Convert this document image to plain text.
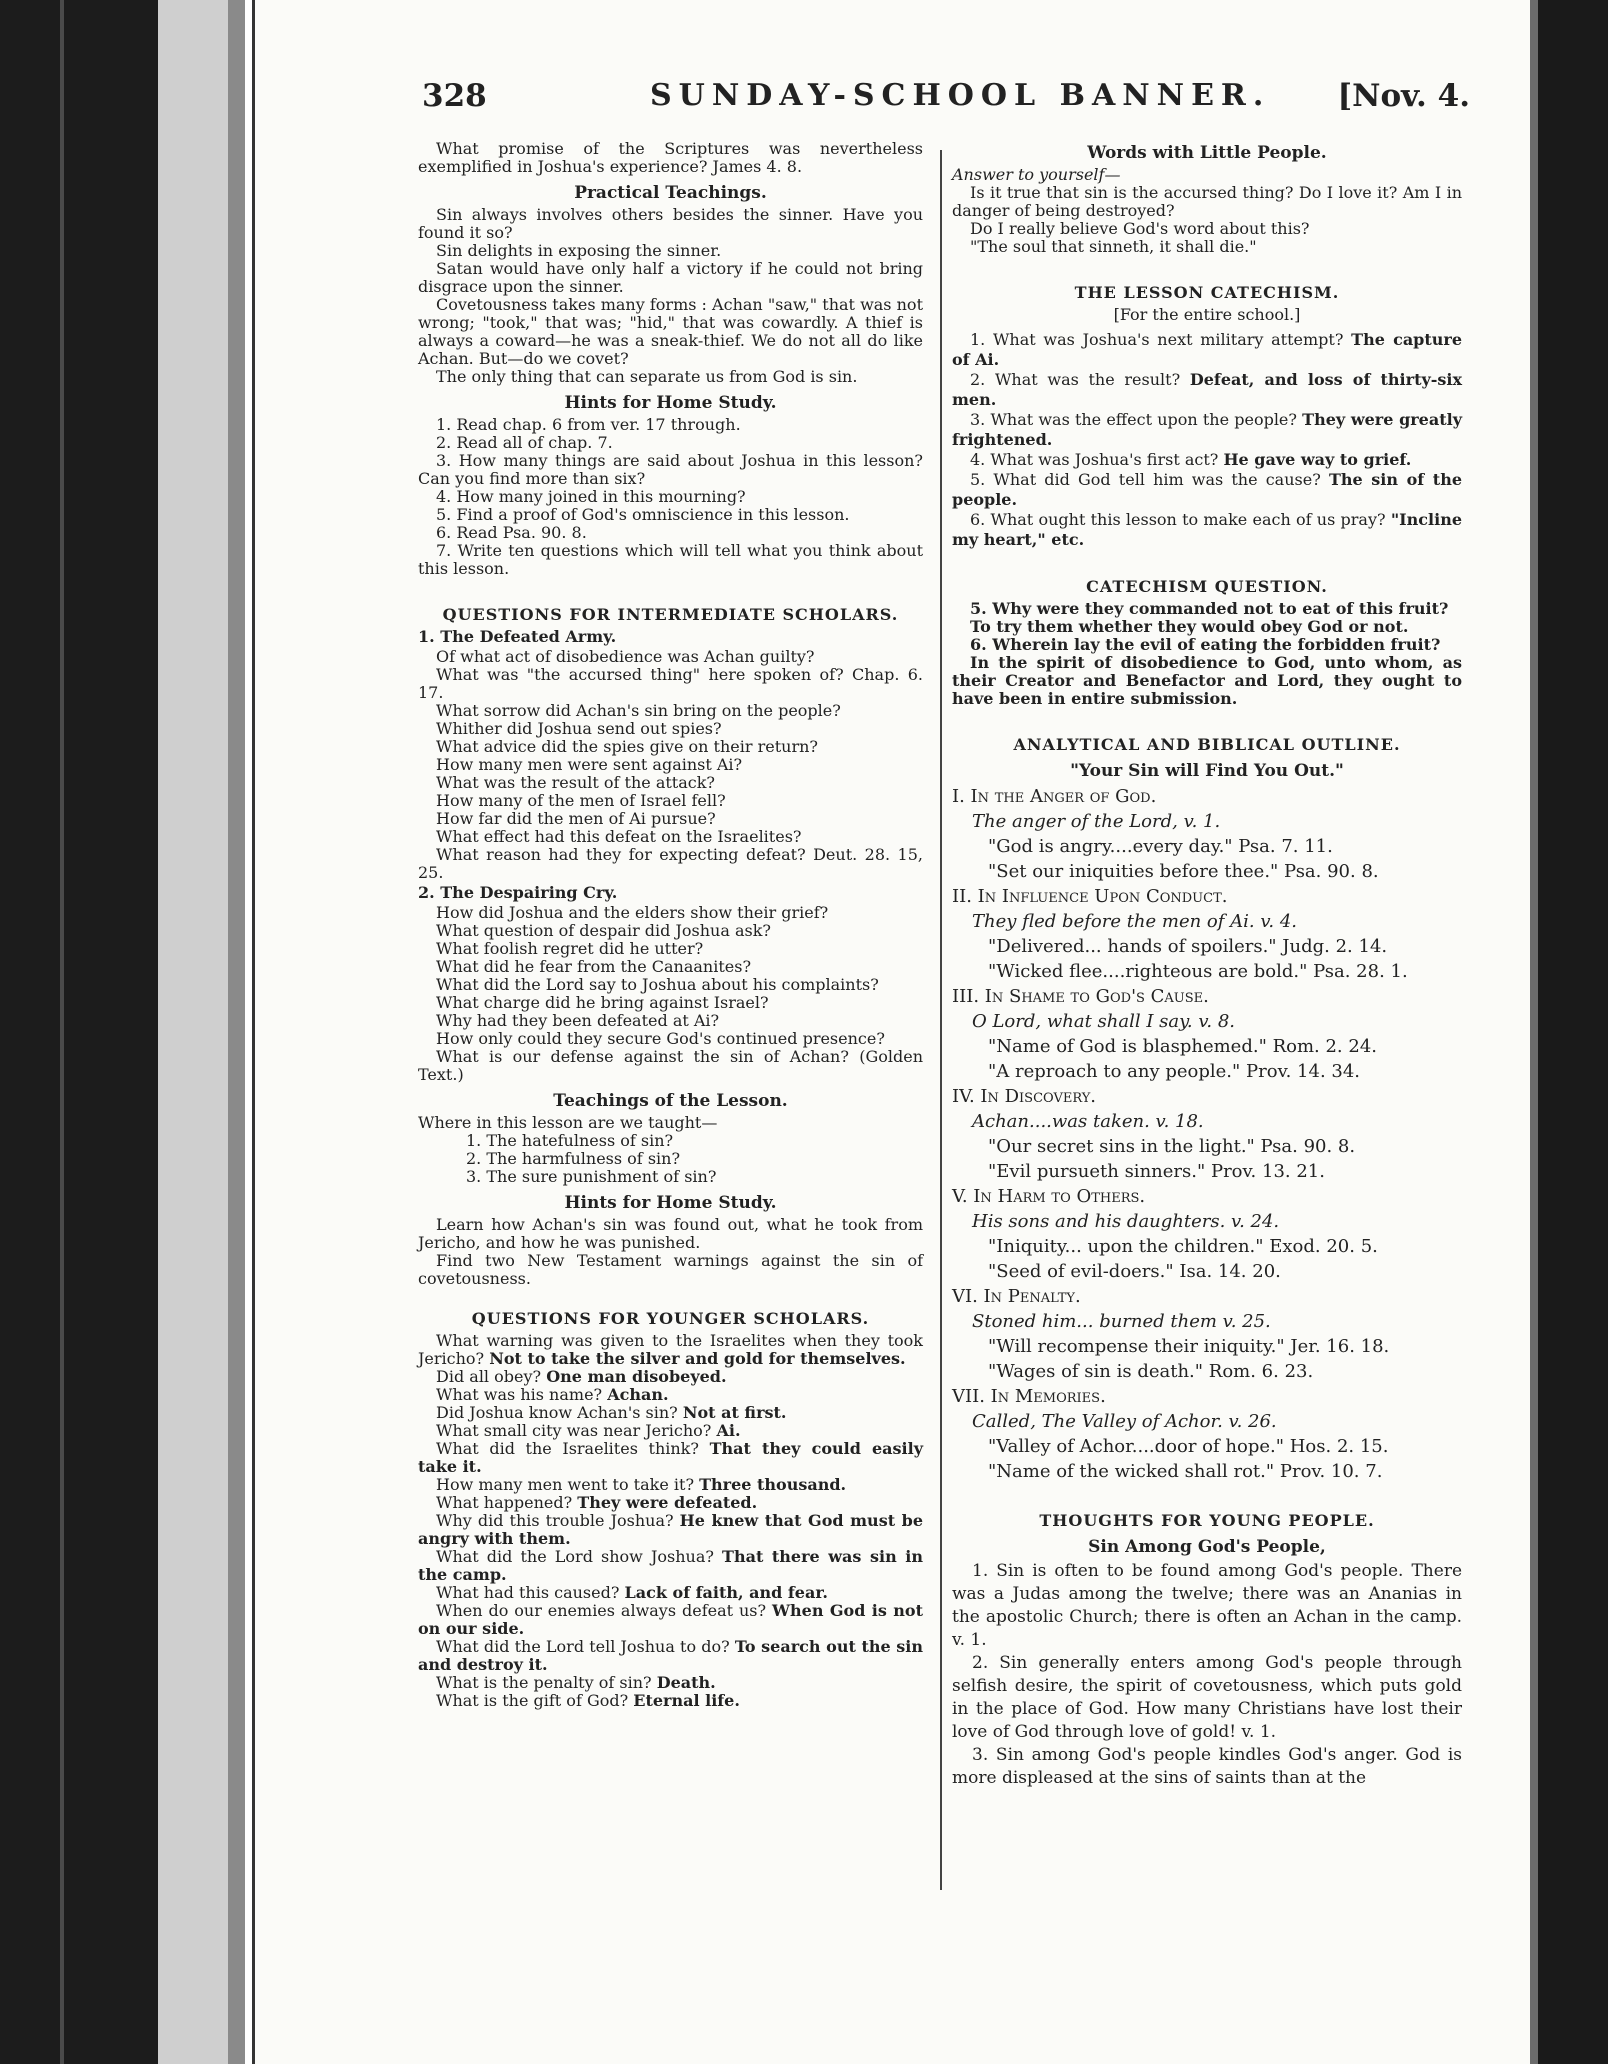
328	SUNDAY-SCHOOL BANNER. [Nov. 4.

What promise of the Scriptures was nevertheless exemplified in Joshua's experience? James 4. 8.

Practical Teachings.

Sin always involves others besides the sinner. Have you found it so?

Sin delights in exposing the sinner.

Satan would have only half a victory if he could not bring disgrace upon the sinner.

Covetousness takes many forms : Achan "saw," that was not wrong; "took," that was; "hid," that was cowardly. A thief is always a coward—he was a sneak-thief. We do not all do like Achan. But—do we covet?

The only thing that can separate us from God is sin.

Hints for Home Study.

1. Read chap. 6 from ver. 17 through.

2. Read all of chap. 7.

3. How many things are said about Joshua in this lesson? Can you find more than six?

4. How many joined in this mourning?

5. Find a proof of God's omniscience in this lesson.

6. Read Psa. 90. 8.

7. Write ten questions which will tell what you think about this lesson.

QUESTIONS FOR INTERMEDIATE SCHOLARS.
1. The Defeated Army.

Of what act of disobedience was Achan guilty?

What was "the accursed thing" here spoken of? Chap. 6. 17.

What sorrow did Achan's sin bring on the people?

Whither did Joshua send out spies?

What advice did the spies give on their return?

How many men were sent against Ai?

What was the result of the attack?

How many of the men of Israel fell?

How far did the men of Ai pursue?

What effect had this defeat on the Israelites?

What reason had they for expecting defeat? Deut. 28. 15, 25.

2. The Despairing Cry.

How did Joshua and the elders show their grief?

What question of despair did Joshua ask?

What foolish regret did he utter?

What did he fear from the Canaanites?

What did the Lord say to Joshua about his complaints?

What charge did he bring against Israel?

Why had they been defeated at Ai?

How only could they secure God's continued presence?

What is our defense against the sin of Achan? (Golden Text.)

Teachings of the Lesson.

Where in this lesson are we taught—

1. The hatefulness of sin?

2. The harmfulness of sin?

3. The sure punishment of sin?

Hints for Home Study.

Learn how Achan's sin was found out, what he took from Jericho, and how he was punished.

Find two New Testament warnings against the sin of covetousness.

QUESTIONS FOR YOUNGER SCHOLARS.

What warning was given to the Israelites when they took Jericho? Not to take the silver and gold for themselves.

Did all obey? One man disobeyed.

What was his name? Achan.

Did Joshua know Achan's sin? Not at first.

What small city was near Jericho? Ai.

What did the Israelites think? That they could easily take it.

How many men went to take it? Three thousand.

What happened? They were defeated.

Why did this trouble Joshua? He knew that God must be angry with them.

What did the Lord show Joshua? That there was sin in the camp.

What had this caused? Lack of faith, and fear.

When do our enemies always defeat us? When God is not on our side.

What did the Lord tell Joshua to do? To search out the sin and destroy it.

What is the penalty of sin? Death.

What is the gift of God? Eternal life.

Words with Little People.

Answer to yourself—

Is it true that sin is the accursed thing? Do I love it? Am I in danger of being destroyed?

Do I really believe God's word about this?

"The soul that sinneth, it shall die."

THE LESSON CATECHISM.
[For the entire school.]

1. What was Joshua's next military attempt? The capture of Ai.

2. What was the result? Defeat, and loss of thirty-six men.

3. What was the effect upon the people? They were greatly frightened.

4. What was Joshua's first act? He gave way to grief.

5. What did God tell him was the cause? The sin of the people.

6. What ought this lesson to make each of us pray? "Incline my heart," etc.

CATECHISM QUESTION.

5. Why were they commanded not to eat of this fruit?

To try them whether they would obey God or not.

6. Wherein lay the evil of eating the forbidden fruit?

In the spirit of disobedience to God, unto whom, as their Creator and Benefactor and Lord, they ought to have been in entire submission.

ANALYTICAL AND BIBLICAL OUTLINE.
"Your Sin will Find You Out."

I. In the Anger of God.

The anger of the Lord, v. 1.

"God is angry....every day." Psa. 7. 11.

"Set our iniquities before thee." Psa. 90. 8.

II. In Influence Upon Conduct.

They fled before the men of Ai. v. 4.

"Delivered... hands of spoilers." Judg. 2. 14.

"Wicked flee....righteous are bold." Psa. 28. 1.

III. In Shame to God's Cause.

O Lord, what shall I say. v. 8.

"Name of God is blasphemed." Rom. 2. 24.

"A reproach to any people." Prov. 14. 34.

IV. In Discovery.

Achan....was taken. v. 18.

"Our secret sins in the light." Psa. 90. 8.

"Evil pursueth sinners." Prov. 13. 21.

V. In Harm to Others.

His sons and his daughters. v. 24.

"Iniquity... upon the children." Exod. 20. 5.

"Seed of evil-doers." Isa. 14. 20.

VI. In Penalty.

Stoned him... burned them v. 25.

"Will recompense their iniquity." Jer. 16. 18.

"Wages of sin is death." Rom. 6. 23.

VII. In Memories.

Called, The Valley of Achor. v. 26.

"Valley of Achor....door of hope." Hos. 2. 15.

"Name of the wicked shall rot." Prov. 10. 7.

THOUGHTS FOR YOUNG PEOPLE.
Sin Among God's People,

1. Sin is often to be found among God's people. There was a Judas among the twelve; there was an Ananias in the apostolic Church; there is often an Achan in the camp. v. 1.

2. Sin generally enters among God's people through selfish desire, the spirit of covetousness, which puts gold in the place of God. How many Christians have lost their love of God through love of gold! v. 1.

3. Sin among God's people kindles God's anger. God is more displeased at the sins of saints than at the
